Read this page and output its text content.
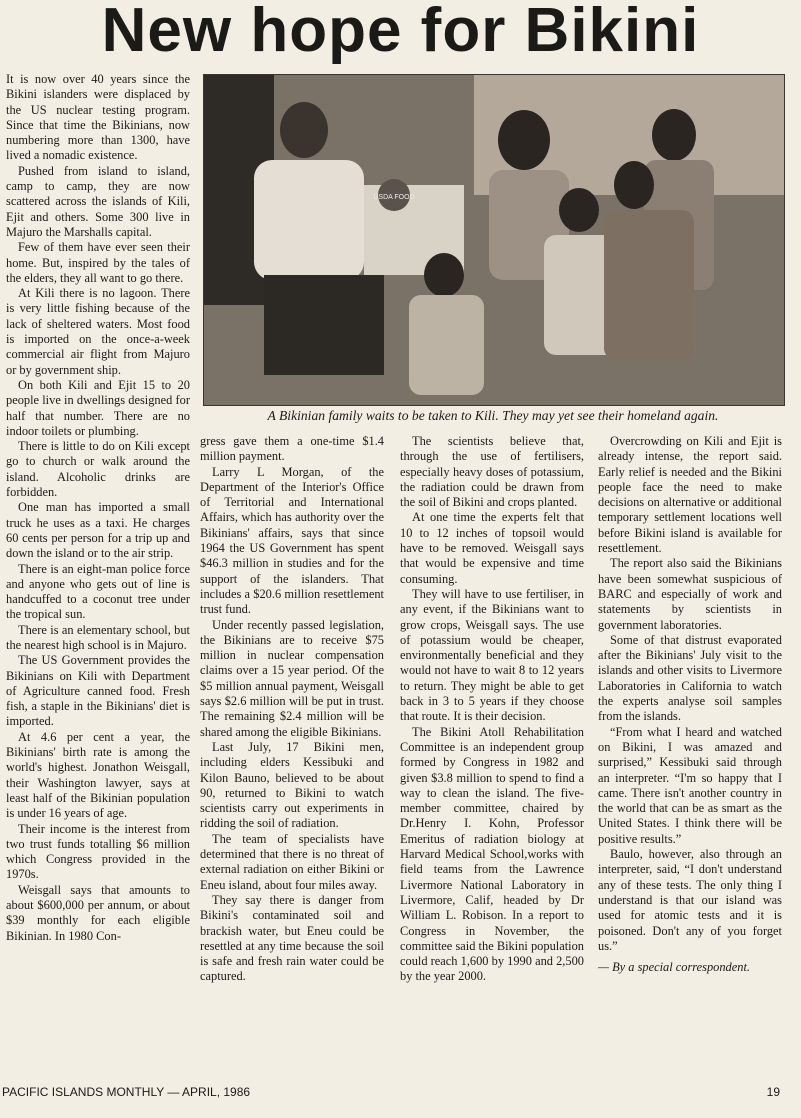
New hope for Bikini

It is now over 40 years since the Bikini islanders were displaced by the US nuclear testing program. Since that time the Bikinians, now numbering more than 1300, have lived a nomadic existence.

Pushed from island to island, camp to camp, they are now scattered across the islands of Kili, Ejit and others. Some 300 live in Majuro the Marshalls capital.

Few of them have ever seen their home. But, inspired by the tales of the elders, they all want to go there.

At Kili there is no lagoon. There is very little fishing because of the lack of sheltered waters. Most food is imported on the once-a-week commercial air flight from Majuro or by government ship.

On both Kili and Ejit 15 to 20 people live in dwellings designed for half that number. There are no indoor toilets or plumbing.

There is little to do on Kili except go to church or walk around the island. Alcoholic drinks are forbidden.

One man has imported a small truck he uses as a taxi. He charges 60 cents per person for a trip up and down the island or to the air strip.

There is an eight-man police force and anyone who gets out of line is handcuffed to a coconut tree under the tropical sun.

There is an elementary school, but the nearest high school is in Majuro.

The US Government provides the Bikinians on Kili with Department of Agriculture canned food. Fresh fish, a staple in the Bikinians' diet is imported.

At 4.6 per cent a year, the Bikinians' birth rate is among the world's highest. Jonathon Weisgall, their Washington lawyer, says at least half of the Bikinian population is under 16 years of age.

Their income is the interest from two trust funds totalling $6 million which Congress provided in the 1970s.

Weisgall says that amounts to about $600,000 per annum, or about $39 monthly for each eligible Bikinian. In 1980 Con-

USDA FOOD
A Bikinian family waits to be taken to Kili. They may yet see their homeland again.

gress gave them a one-time $1.4 million payment.

Larry L Morgan, of the Department of the Interior's Office of Territorial and International Affairs, which has authority over the Bikinians' affairs, says that since 1964 the US Government has spent $46.3 million in studies and for the support of the islanders. That includes a $20.6 million resettlement trust fund.

Under recently passed legislation, the Bikinians are to receive $75 million in nuclear compensation claims over a 15 year period. Of the $5 million annual payment, Weisgall says $2.6 million will be put in trust. The remaining $2.4 million will be shared among the eligible Bikinians.

Last July, 17 Bikini men, including elders Kessibuki and Kilon Bauno, believed to be about 90, returned to Bikini to watch scientists carry out experiments in ridding the soil of radiation.

The team of specialists have determined that there is no threat of external radiation on either Bikini or Eneu island, about four miles away.

They say there is danger from Bikini's contaminated soil and brackish water, but Eneu could be resettled at any time because the soil is safe and fresh rain water could be captured.

The scientists believe that, through the use of fertilisers, especially heavy doses of potassium, the radiation could be drawn from the soil of Bikini and crops planted.

At one time the experts felt that 10 to 12 inches of topsoil would have to be removed. Weisgall says that would be expensive and time consuming.

They will have to use fertiliser, in any event, if the Bikinians want to grow crops, Weisgall says. The use of potassium would be cheaper, environmentally beneficial and they would not have to wait 8 to 12 years to return. They might be able to get back in 3 to 5 years if they choose that route. It is their decision.

The Bikini Atoll Rehabilitation Committee is an independent group formed by Congress in 1982 and given $3.8 million to spend to find a way to clean the island. The five-member committee, chaired by Dr.Henry I. Kohn, Professor Emeritus of radiation biology at Harvard Medical School,works with field teams from the Lawrence Livermore National Laboratory in Livermore, Calif, headed by Dr William L. Robison. In a report to Congress in November, the committee said the Bikini population could reach 1,600 by 1990 and 2,500 by the year 2000.

Overcrowding on Kili and Ejit is already intense, the report said. Early relief is needed and the Bikini people face the need to make decisions on alternative or additional temporary settlement locations well before Bikini island is available for resettlement.

The report also said the Bikinians have been somewhat suspicious of BARC and especially of work and statements by scientists in government laboratories.

Some of that distrust evaporated after the Bikinians' July visit to the islands and other visits to Livermore Laboratories in California to watch the experts analyse soil samples from the islands.

“From what I heard and watched on Bikini, I was amazed and surprised,” Kessibuki said through an interpreter. “I'm so happy that I came. There isn't another country in the world that can be as smart as the United States. I think there will be positive results.”

Baulo, however, also through an interpreter, said, “I don't understand any of these tests. The only thing I understand is that our island was used for atomic tests and it is poisoned. Don't any of you forget us.”

— By a special correspondent.

PACIFIC ISLANDS MONTHLY — APRIL, 1986	19
